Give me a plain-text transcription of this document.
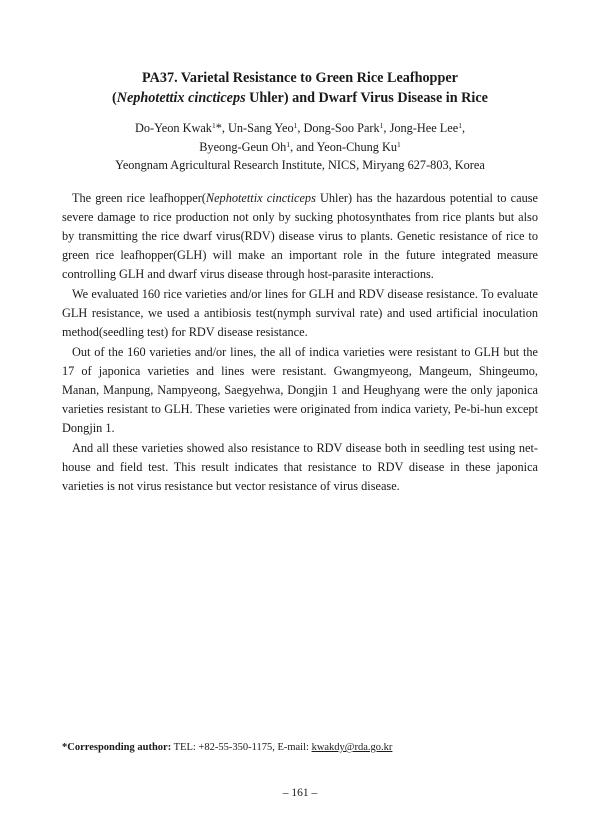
PA37. Varietal Resistance to Green Rice Leafhopper
(Nephotettix cincticeps Uhler) and Dwarf Virus Disease in Rice

Do-Yeon Kwak$^1$*, Un-Sang Yeo$^1$, Dong-Soo Park$^1$, Jong-Hee Lee$^1$,

Byeong-Geun Oh$^1$, and Yeon-Chung Ku$^1$

Yeongnam Agricultural Research Institute, NICS, Miryang 627-803, Korea

The green rice leafhopper(Nephotettix cincticeps Uhler) has the hazardous potential to cause severe damage to rice production not only by sucking photosynthates from rice plants but also by transmitting the rice dwarf virus(RDV) disease virus to plants. Genetic resistance of rice to green rice leafhopper(GLH) will make an important role in the future integrated measure controlling GLH and dwarf virus disease through host-parasite interactions.

We evaluated 160 rice varieties and/or lines for GLH and RDV disease resistance. To evaluate GLH resistance, we used a antibiosis test(nymph survival rate) and used artificial inoculation method(seedling test) for RDV disease resistance.

Out of the 160 varieties and/or lines, the all of indica varieties were resistant to GLH but the 17 of japonica varieties and lines were resistant. Gwangmyeong, Mangeum, Shingeumo, Manan, Manpung, Nampyeong, Saegyehwa, Dongjin 1 and Heughyang were the only japonica varieties resistant to GLH. These varieties were originated from indica variety, Pe-bi-hun except Dongjin 1.

And all these varieties showed also resistance to RDV disease both in seedling test using net-house and field test. This result indicates that resistance to RDV disease in these japonica varieties is not virus resistance but vector resistance of virus disease.

*Corresponding author: TEL: +82-55-350-1175, E-mail: kwakdy@rda.go.kr

– 161 –
